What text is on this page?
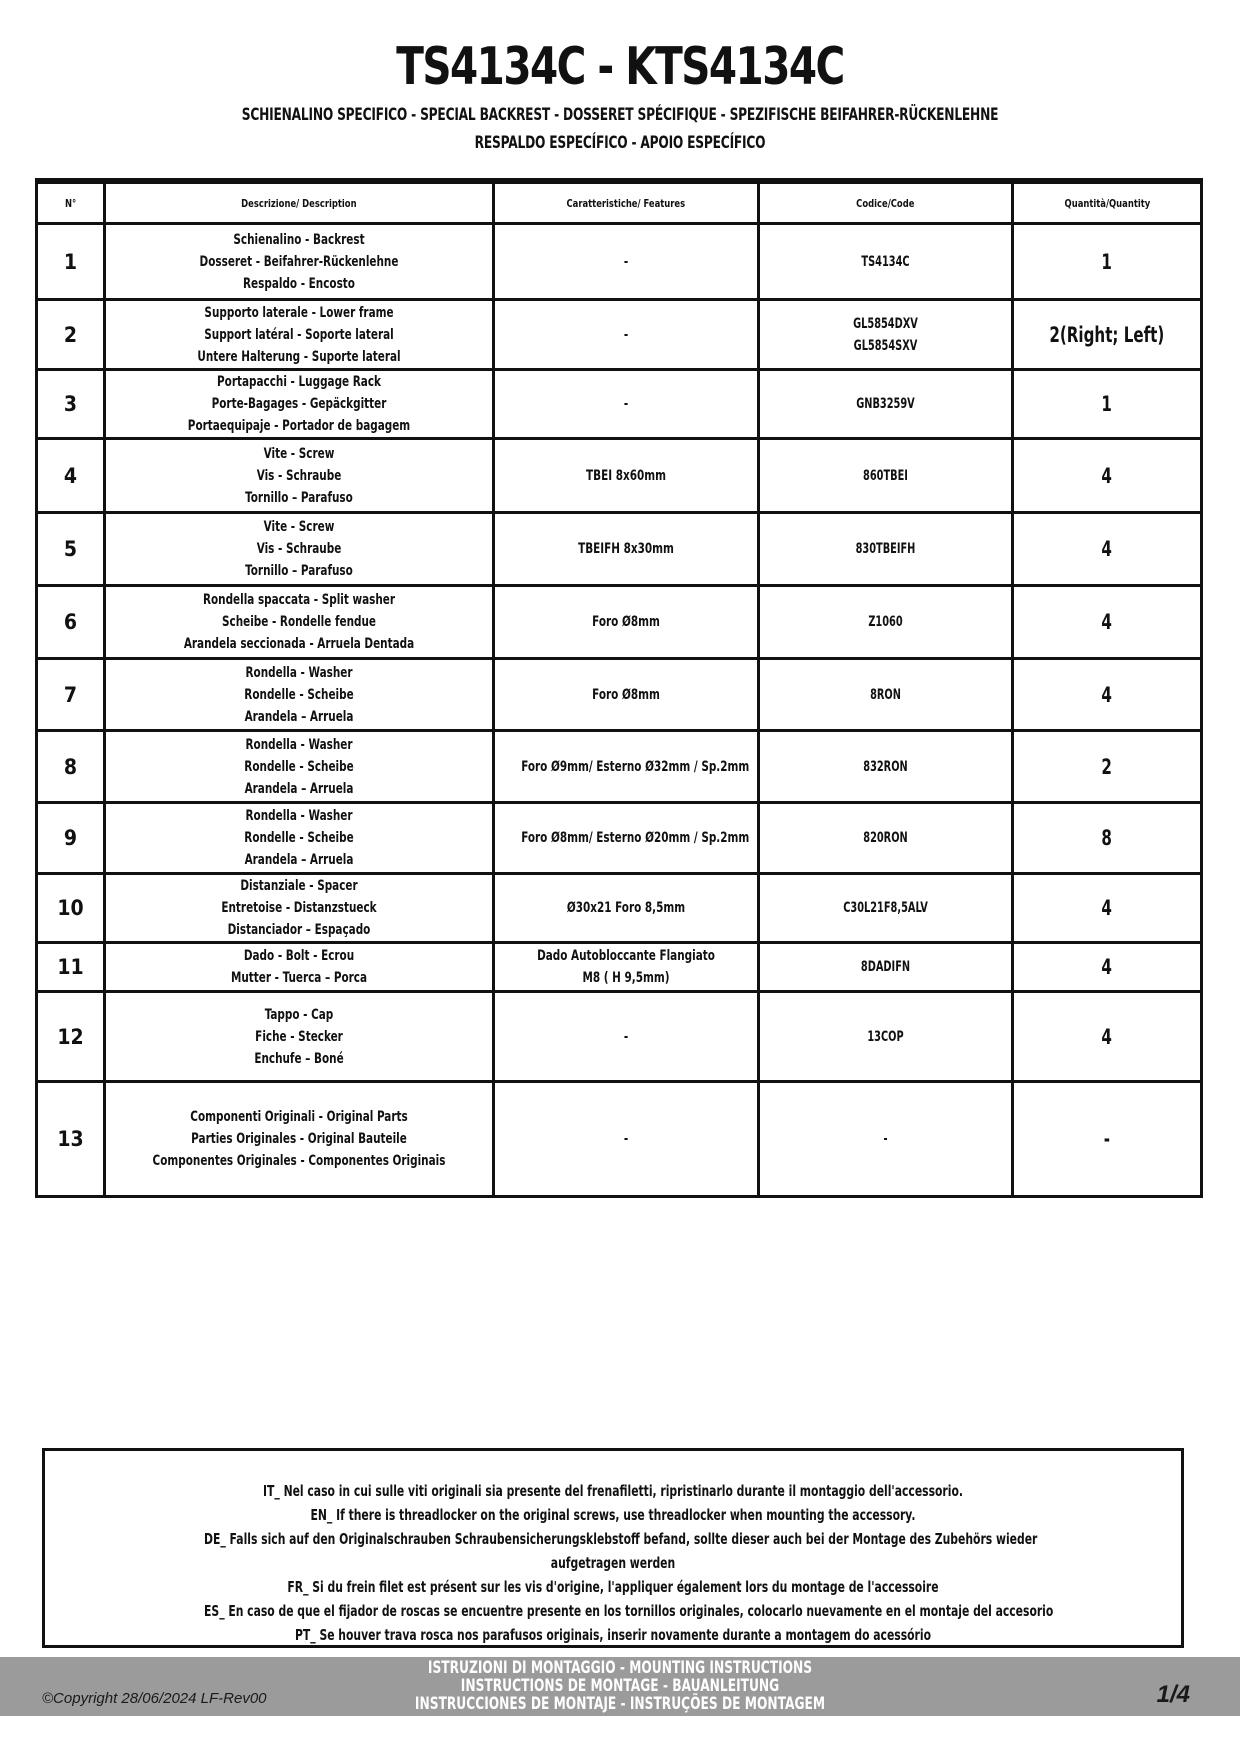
TS4134C - KTS4134C
SCHIENALINO SPECIFICO - SPECIAL BACKREST - DOSSERET SPÉCIFIQUE - SPEZIFISCHE BEIFAHRER-RÜCKENLEHNE
RESPALDO ESPECÍFICO - APOIO ESPECÍFICO
N°	Descrizione/ Description	Caratteristiche/ Features	Codice/Code	Quantità/Quantity
1	Schienalino - Backrest
Dosseret - Beifahrer-Rückenlehne
Respaldo - Encosto	-	TS4134C	1
2	Supporto laterale - Lower frame
Support latéral - Soporte lateral
Untere Halterung - Suporte lateral	-	GL5854DXV
GL5854SXV	2(Right; Left)
3	Portapacchi - Luggage Rack
Porte-Bagages - Gepäckgitter
Portaequipaje - Portador de bagagem	-	GNB3259V	1
4	Vite - Screw
Vis - Schraube
Tornillo – Parafuso	TBEI 8x60mm	860TBEI	4
5	Vite - Screw
Vis - Schraube
Tornillo – Parafuso	TBEIFH 8x30mm	830TBEIFH	4
6	Rondella spaccata - Split washer
Scheibe - Rondelle fendue
Arandela seccionada - Arruela Dentada	Foro Ø8mm	Z1060	4
7	Rondella - Washer
Rondelle - Scheibe
Arandela – Arruela	Foro Ø8mm	8RON	4
8	Rondella - Washer
Rondelle - Scheibe
Arandela – Arruela	Foro Ø9mm/ Esterno Ø32mm / Sp.2mm	832RON	2
9	Rondella - Washer
Rondelle - Scheibe
Arandela – Arruela	Foro Ø8mm/ Esterno Ø20mm / Sp.2mm	820RON	8
10	Distanziale - Spacer
Entretoise - Distanzstueck
Distanciador – Espaçado	Ø30x21 Foro 8,5mm	C30L21F8,5ALV	4
11	Dado - Bolt - Ecrou
Mutter - Tuerca – Porca	Dado Autobloccante Flangiato
M8 ( H 9,5mm)	8DADIFN	4
12	Tappo - Cap
Fiche - Stecker
Enchufe – Boné	-	13COP	4
13	Componenti Originali - Original Parts
Parties Originales - Original Bauteile
Componentes Originales - Componentes Originais	-	-	-
IT_ Nel caso in cui sulle viti originali sia presente del frenafiletti, ripristinarlo durante il montaggio dell'accessorio.
EN_ If there is threadlocker on the original screws, use threadlocker when mounting the accessory.
DE_ Falls sich auf den Originalschrauben Schraubensicherungsklebstoff befand, sollte dieser auch bei der Montage des Zubehörs wieder
aufgetragen werden
FR_ Si du frein filet est présent sur les vis d'origine, l'appliquer également lors du montage de l'accessoire
ES_ En caso de que el fijador de roscas se encuentre presente en los tornillos originales, colocarlo nuevamente en el montaje del accesorio
PT_ Se houver trava rosca nos parafusos originais, inserir novamente durante a montagem do acessório
©Copyright 28/06/2024 LF-Rev00
ISTRUZIONI DI MONTAGGIO - MOUNTING INSTRUCTIONS
INSTRUCTIONS DE MONTAGE - BAUANLEITUNG
INSTRUCCIONES DE MONTAJE - INSTRUÇÕES DE MONTAGEM	1/4
